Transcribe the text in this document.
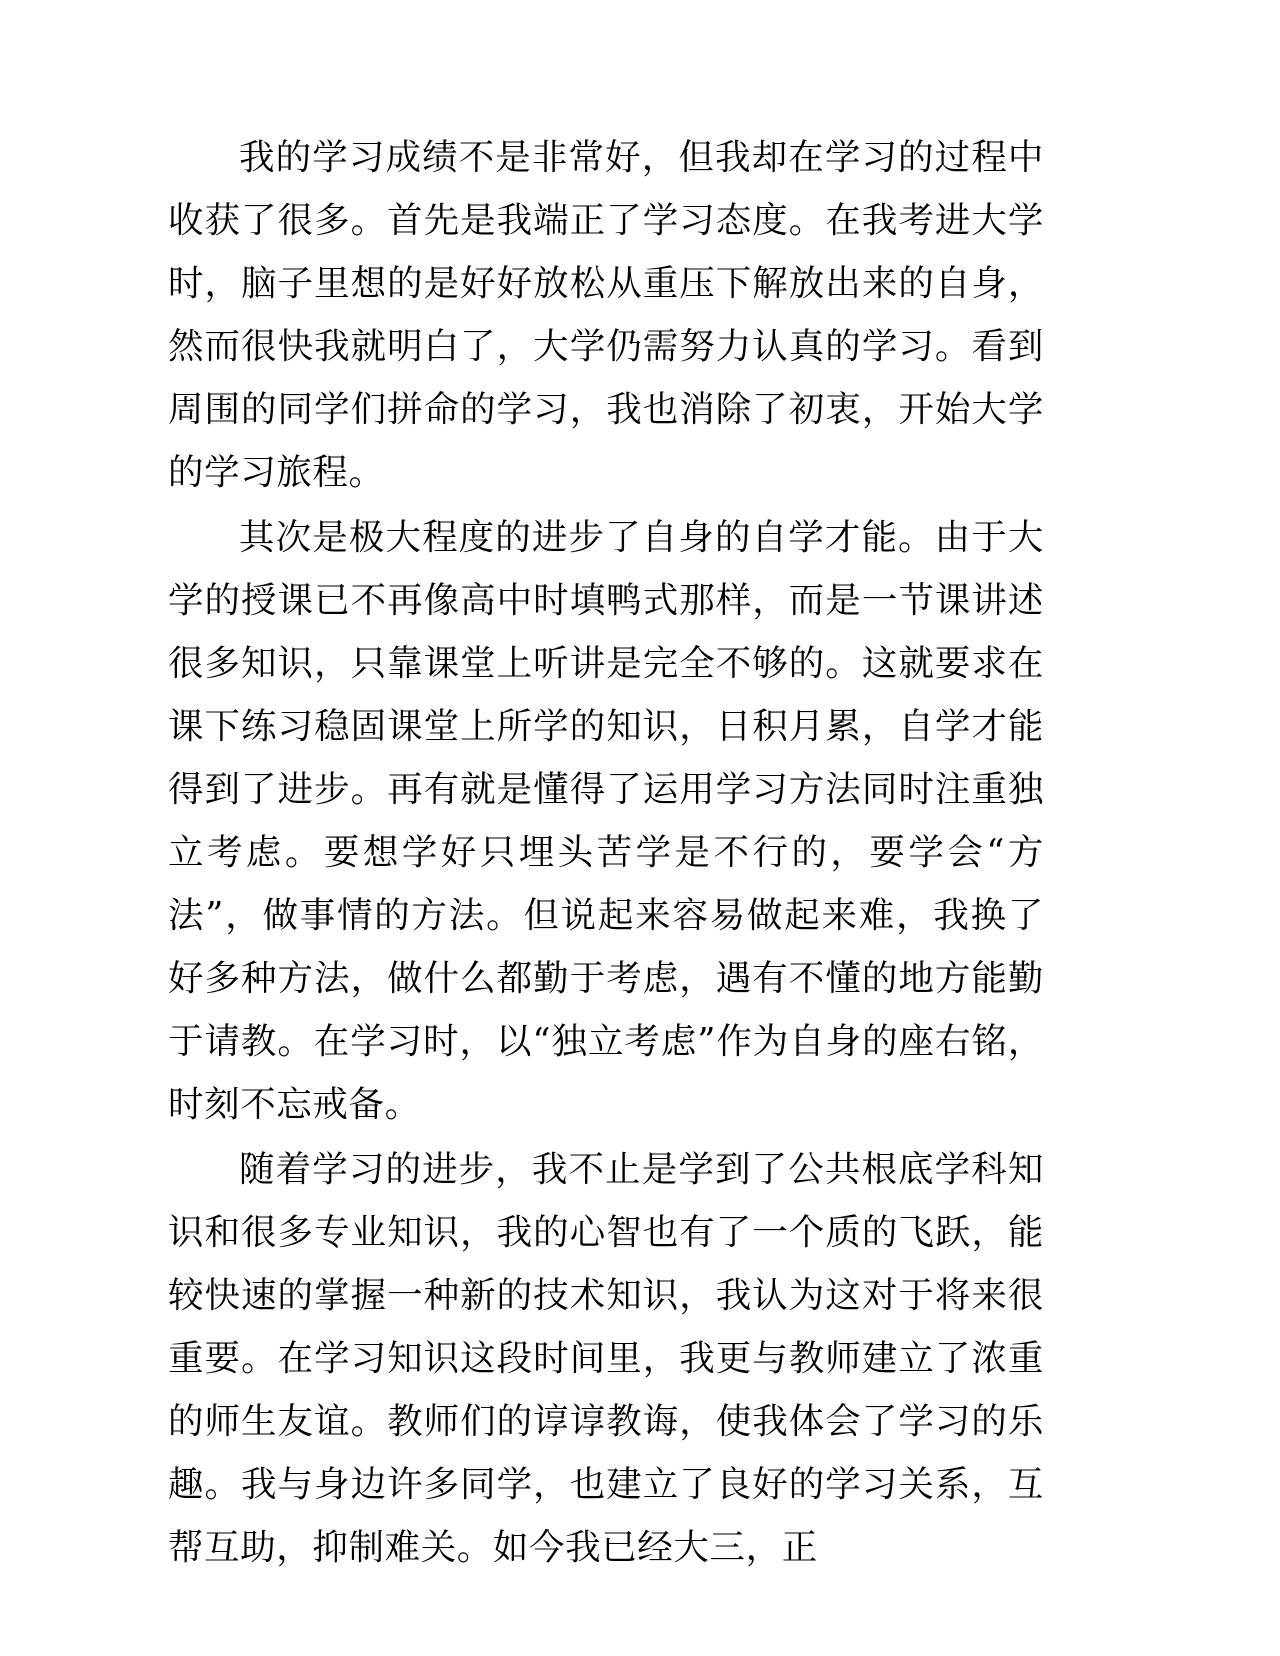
我的学习成绩不是非常好，但我却在学习的过程中收获了很多。首先是我端正了学习态度。在我考进大学时，脑子里想的是好好放松从重压下解放出来的自身，然而很快我就明白了，大学仍需努力认真的学习。看到周围的同学们拼命的学习，我也消除了初衷，开始大学的学习旅程。

其次是极大程度的进步了自身的自学才能。由于大学的授课已不再像高中时填鸭式那样，而是一节课讲述很多知识，只靠课堂上听讲是完全不够的。这就要求在课下练习稳固课堂上所学的知识，日积月累，自学才能得到了进步。再有就是懂得了运用学习方法同时注重独立考虑。要想学好只埋头苦学是不行的，要学会“方法”，做事情的方法。但说起来容易做起来难，我换了好多种方法，做什么都勤于考虑，遇有不懂的地方能勤于请教。在学习时，以“独立考虑”作为自身的座右铭，时刻不忘戒备。

随着学习的进步，我不止是学到了公共根底学科知识和很多专业知识，我的心智也有了一个质的飞跃，能较快速的掌握一种新的技术知识，我认为这对于将来很重要。在学习知识这段时间里，我更与教师建立了浓重的师生友谊。教师们的谆谆教诲，使我体会了学习的乐趣。我与身边许多同学，也建立了良好的学习关系，互帮互助，抑制难关。如今我已经大三，正
